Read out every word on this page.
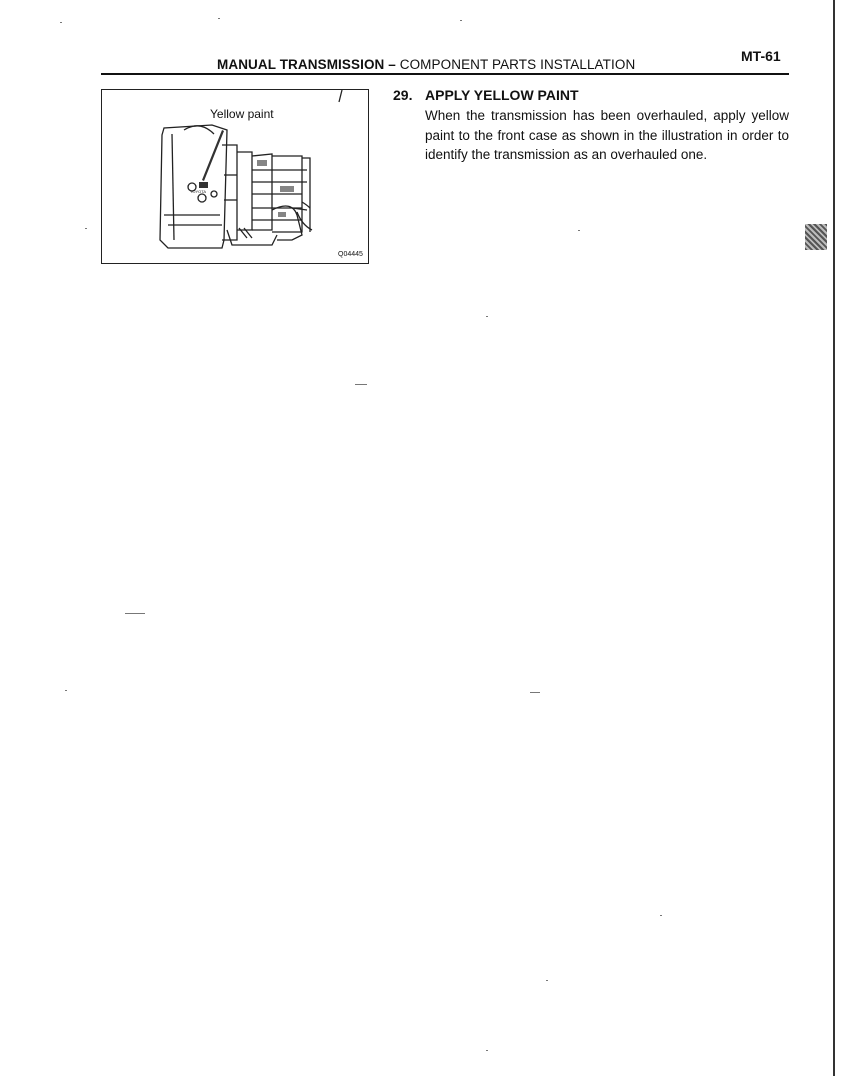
MANUAL TRANSMISSION – COMPONENT PARTS INSTALLATION
MT-61
TOYOTA
Yellow paint
Q04445
29. APPLY YELLOW PAINT

When the transmission has been overhauled, apply yellow paint to the front case as shown in the illustration in order to identify the transmission as an overhauled one.
